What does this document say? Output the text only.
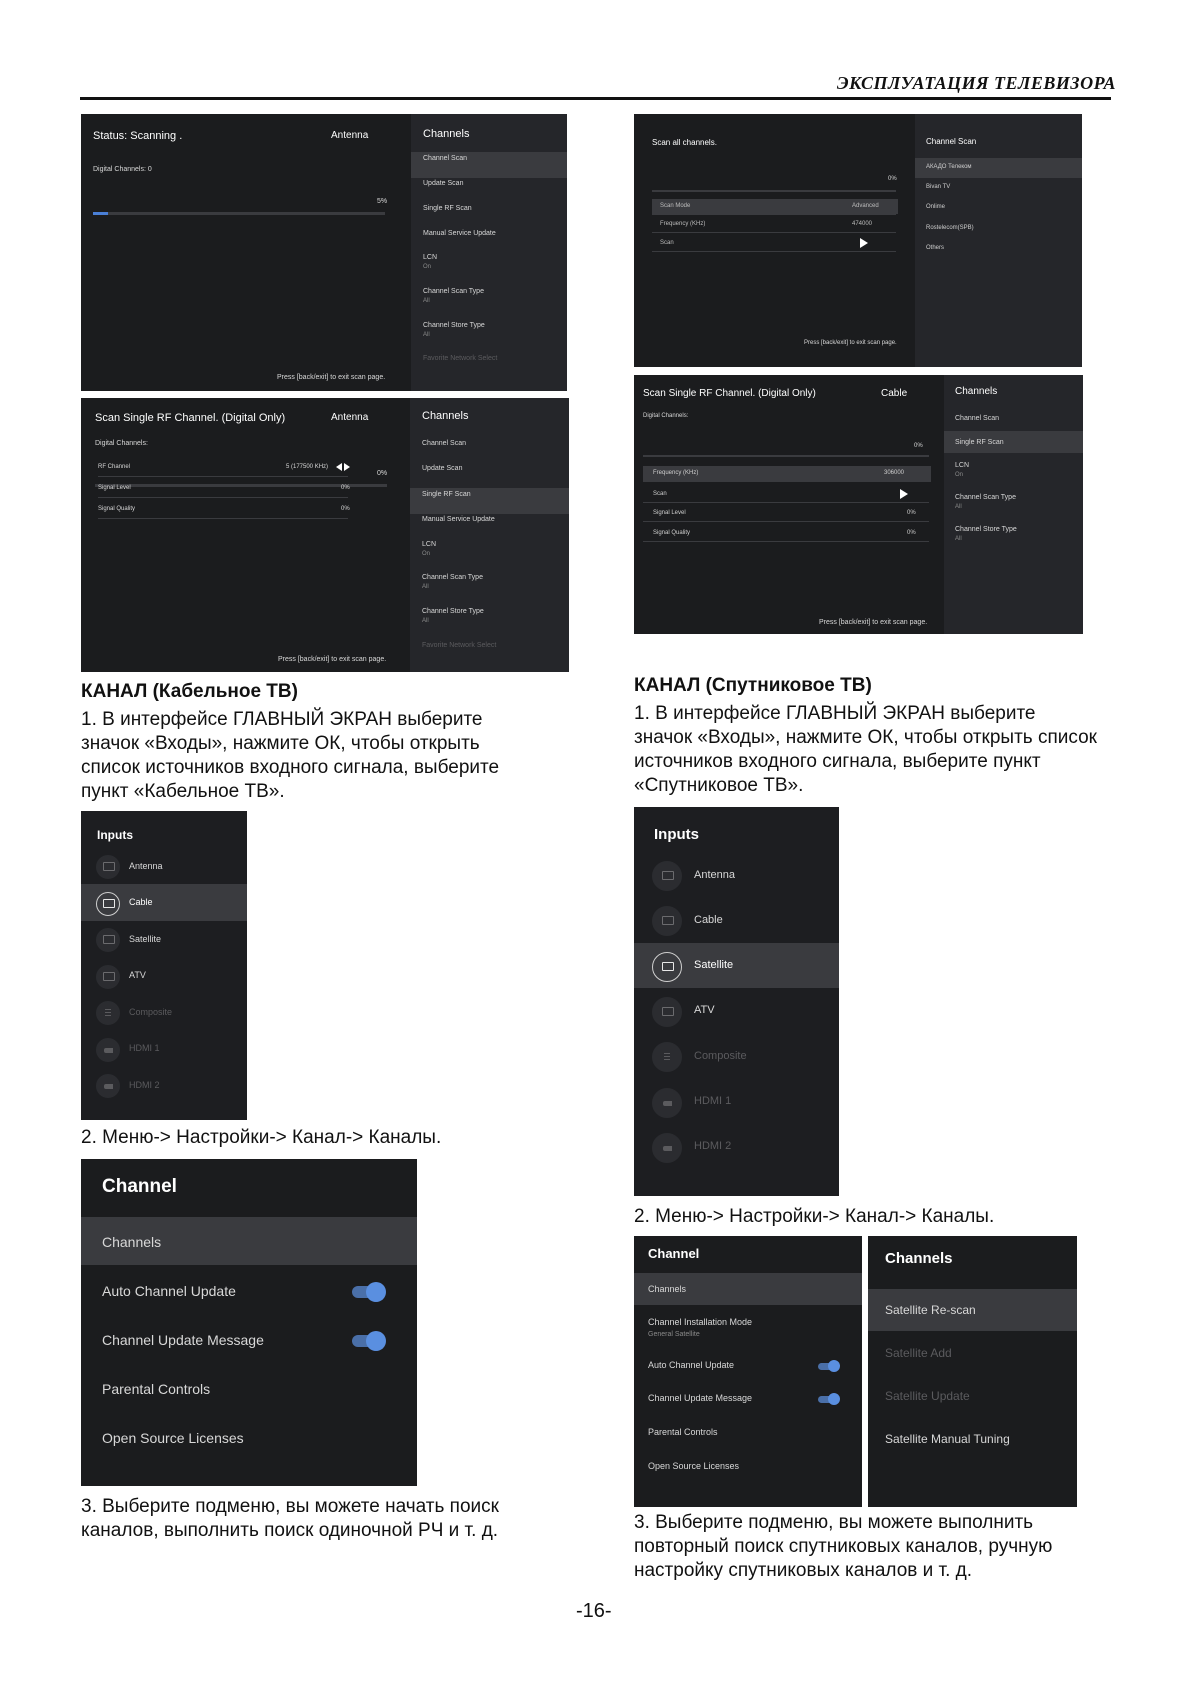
ЭКСПЛУАТАЦИЯ ТЕЛЕВИЗОРА
Status: Scanning .	Antenna
Digital Channels: 0
5%
Press [back/exit] to exit scan page.
Channels
Channel Scan
Update Scan
Single RF Scan
Manual Service Update
LCN
On
Channel Scan Type
All
Channel Store Type
All
Favorite Network Select
Scan Single RF Channel. (Digital Only)	Antenna
Digital Channels:
0%
RF Channel	5 (177500 KHz)
Signal Level	0%
Signal Quality	0%
Press [back/exit] to exit scan page.
Channels
Channel Scan
Update Scan
Single RF Scan
Manual Service Update
LCN
On
Channel Scan Type
All
Channel Store Type
All
Favorite Network Select
Scan all channels.
0%
Scan Mode	Advanced
Frequency (KHz)	474000
Scan
Press [back/exit] to exit scan page.
Channel Scan
АКАДО Телеком
Bivan TV
Onlime
Rostelecom(SPB)
Others
Scan Single RF Channel. (Digital Only)	Cable
Digital Channels:
0%
Frequency (KHz)	306000
Scan
Signal Level	0%
Signal Quality	0%
Press [back/exit] to exit scan page.
Channels
Channel Scan
Single RF Scan
LCN
On
Channel Scan Type
All
Channel Store Type
All
КАНАЛ (Кабельное ТВ)
1. В интерфейсе ГЛАВНЫЙ ЭКРАН выберите
значок «Входы», нажмите ОК, чтобы открыть
список источников входного сигнала, выберите
пункт «Кабельное ТВ».
Inputs
Antenna
Cable
Satellite
ATV
Composite
HDMI 1
HDMI 2
2. Меню-> Настройки-> Канал-> Каналы.
Channel
Channels
Auto Channel Update
Channel Update Message
Parental Controls
Open Source Licenses
3. Выберите подменю, вы можете начать поиск
каналов, выполнить поиск одиночной РЧ и т. д.
КАНАЛ (Спутниковое ТВ)
1. В интерфейсе ГЛАВНЫЙ ЭКРАН выберите
значок «Входы», нажмите ОК, чтобы открыть список
источников входного сигнала, выберите пункт
«Спутниковое ТВ».
Inputs
Antenna
Cable
Satellite
ATV
Composite
HDMI 1
HDMI 2
2. Меню-> Настройки-> Канал-> Каналы.
Channel
Channels
Channel Installation Mode
General Satellite
Auto Channel Update
Channel Update Message
Parental Controls
Open Source Licenses
Channels
Satellite Re-scan
Satellite Add
Satellite Update
Satellite Manual Tuning
3. Выберите подменю, вы можете выполнить
повторный поиск спутниковых каналов, ручную
настройку спутниковых каналов и т. д.
-16-
